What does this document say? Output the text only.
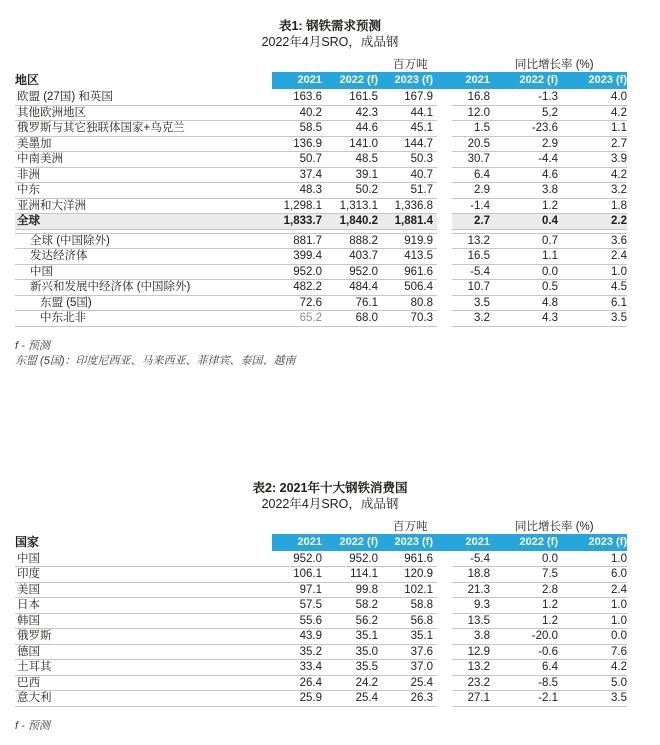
表1: 钢铁需求预测
2022年4月SRO，成品钢
百万吨	同比增长率 (%)
地区	2021	2022 (f)	2023 (f)	2021	2022 (f)	2023 (f)
欧盟 (27国) 和英国	163.6	161.5	167.9	16.8	-1.3	4.0
其他欧洲地区	40.2	42.3	44.1	12.0	5.2	4.2
俄罗斯与其它独联体国家+乌克兰	58.5	44.6	45.1	1.5	-23.6	1.1
美墨加	136.9	141.0	144.7	20.5	2.9	2.7
中南美洲	50.7	48.5	50.3	30.7	-4.4	3.9
非洲	37.4	39.1	40.7	6.4	4.6	4.2
中东	48.3	50.2	51.7	2.9	3.8	3.2
亚洲和大洋洲	1,298.1	1,313.1	1,336.8	-1.4	1.2	1.8
全球	1,833.7	1,840.2	1,881.4	2.7	0.4	2.2
全球 (中国除外)	881.7	888.2	919.9	13.2	0.7	3.6
发达经济体	399.4	403.7	413.5	16.5	1.1	2.4
中国	952.0	952.0	961.6	-5.4	0.0	1.0
新兴和发展中经济体 (中国除外)	482.2	484.4	506.4	10.7	0.5	4.5
东盟 (5国)	72.6	76.1	80.8	3.5	4.8	6.1
中东北非	65.2	68.0	70.3	3.2	4.3	3.5
f - 预测
东盟 (5国)：印度尼西亚、马来西亚、菲律宾、泰国、越南
表2: 2021年十大钢铁消费国
2022年4月SRO，成品钢
百万吨	同比增长率 (%)
国家	2021	2022 (f)	2023 (f)	2021	2022 (f)	2023 (f)
中国	952.0	952.0	961.6	-5.4	0.0	1.0
印度	106.1	114.1	120.9	18.8	7.5	6.0
美国	97.1	99.8	102.1	21.3	2.8	2.4
日本	57.5	58.2	58.8	9.3	1.2	1.0
韩国	55.6	56.2	56.8	13.5	1.2	1.0
俄罗斯	43.9	35.1	35.1	3.8	-20.0	0.0
德国	35.2	35.0	37.6	12.9	-0.6	7.6
土耳其	33.4	35.5	37.0	13.2	6.4	4.2
巴西	26.4	24.2	25.4	23.2	-8.5	5.0
意大利	25.9	25.4	26.3	27.1	-2.1	3.5
f - 预测
